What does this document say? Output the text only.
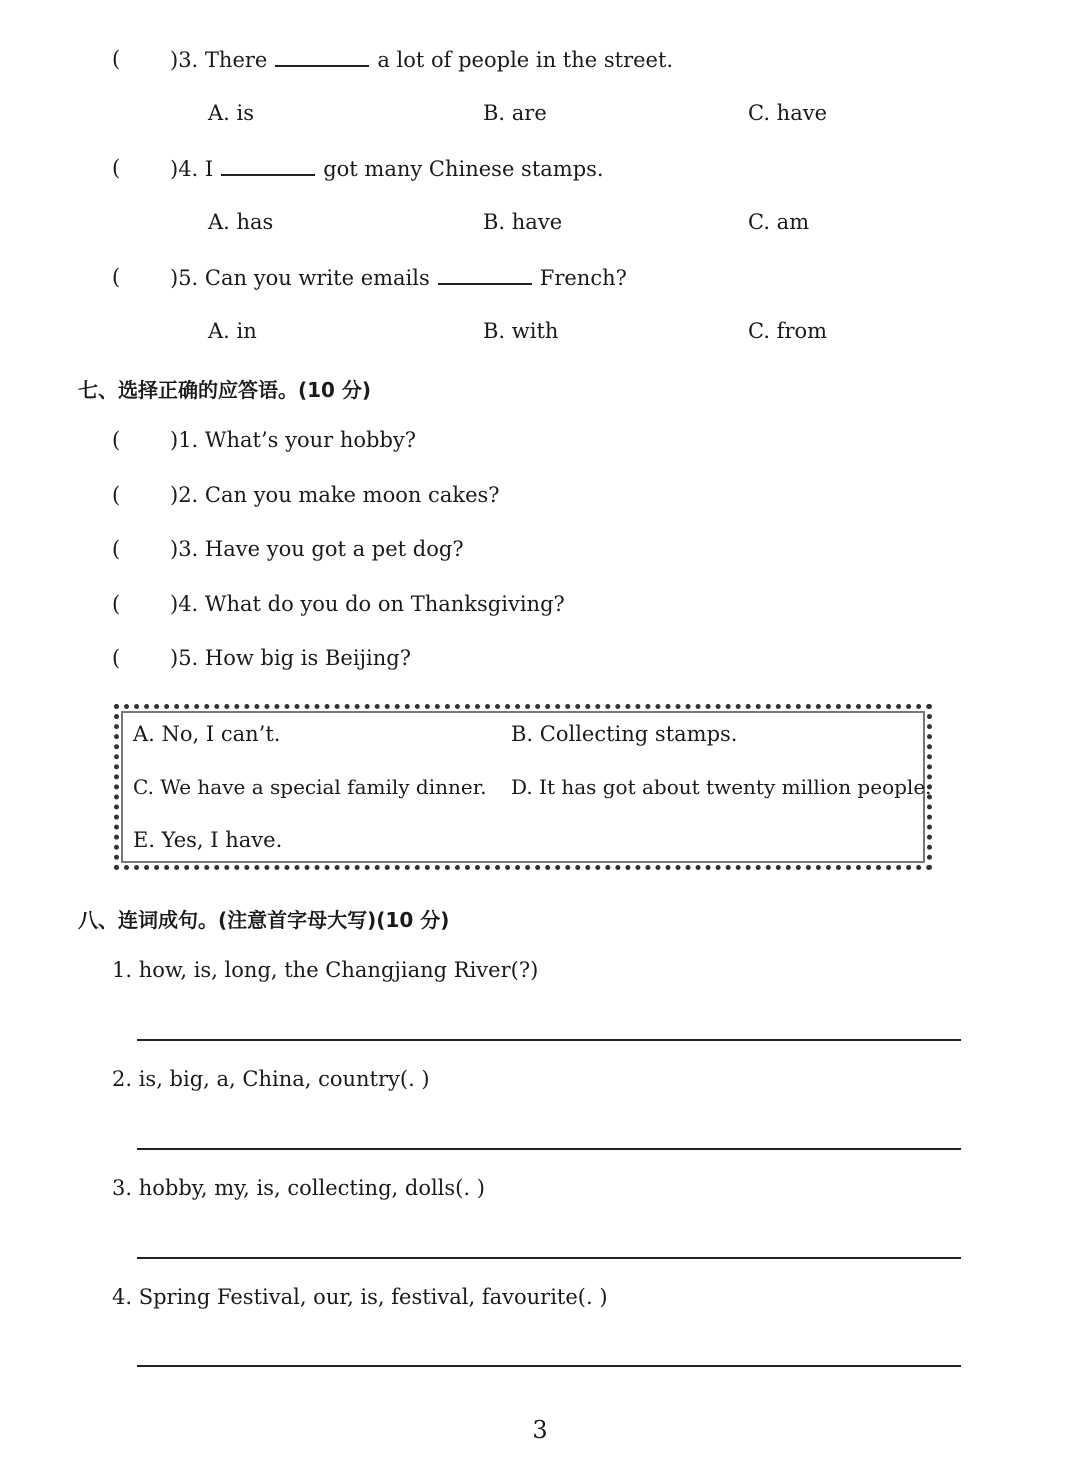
( )3. There	a lot of people in the street.
A. is	B. are	C. have
( )4. I	got many Chinese stamps.
A. has	B. have	C. am
( )5. Can you write emails	French?
A. in	B. with	C. from
七、选择正确的应答语。(10 分)
( )1. What’s your hobby?
( )2. Can you make moon cakes?
( )3. Have you got a pet dog?
( )4. What do you do on Thanksgiving?
( )5. How big is Beijing?
A. No, I can’t.	B. Collecting stamps.
C. We have a special family dinner. D. It has got about twenty million people.
E. Yes, I have.
八、连词成句。(注意首字母大写)(10 分)
1. how, is, long, the Changjiang River(?)
2. is, big, a, China, country(. )
3. hobby, my, is, collecting, dolls(. )
4. Spring Festival, our, is, festival, favourite(. )
3
